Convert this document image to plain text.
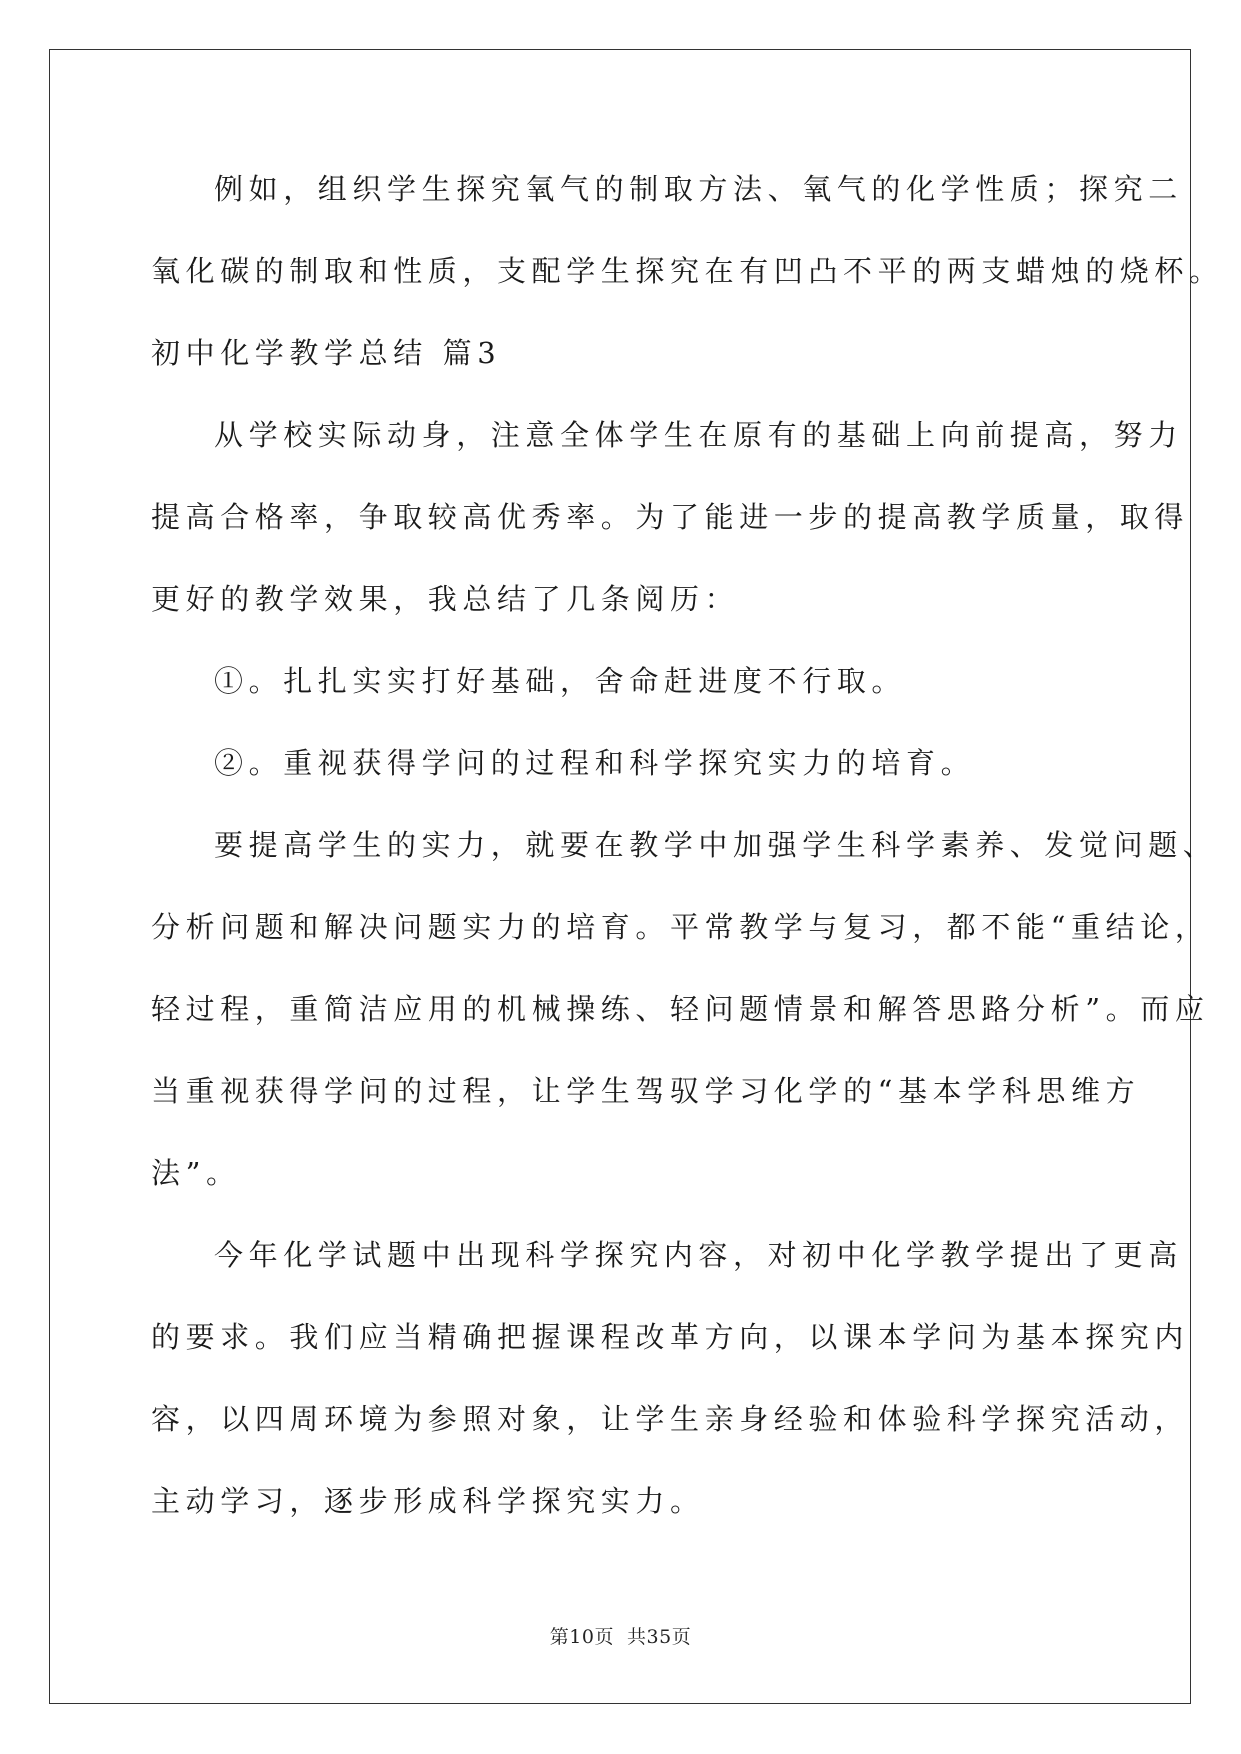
例如，组织学生探究氧气的制取方法、氧气的化学性质；探究二
氧化碳的制取和性质，支配学生探究在有凹凸不平的两支蜡烛的烧杯。
初中化学教学总结 篇3
从学校实际动身，注意全体学生在原有的基础上向前提高，努力
提高合格率，争取较高优秀率。为了能进一步的提高教学质量，取得
更好的教学效果，我总结了几条阅历：
①。扎扎实实打好基础，舍命赶进度不行取。
②。重视获得学问的过程和科学探究实力的培育。
要提高学生的实力，就要在教学中加强学生科学素养、发觉问题、
分析问题和解决问题实力的培育。平常教学与复习，都不能“重结论，
轻过程，重简洁应用的机械操练、轻问题情景和解答思路分析”。而应
当重视获得学问的过程，让学生驾驭学习化学的“基本学科思维方
法”。
今年化学试题中出现科学探究内容，对初中化学教学提出了更高
的要求。我们应当精确把握课程改革方向，以课本学问为基本探究内
容，以四周环境为参照对象，让学生亲身经验和体验科学探究活动，
主动学习，逐步形成科学探究实力。
第10页  共35页
